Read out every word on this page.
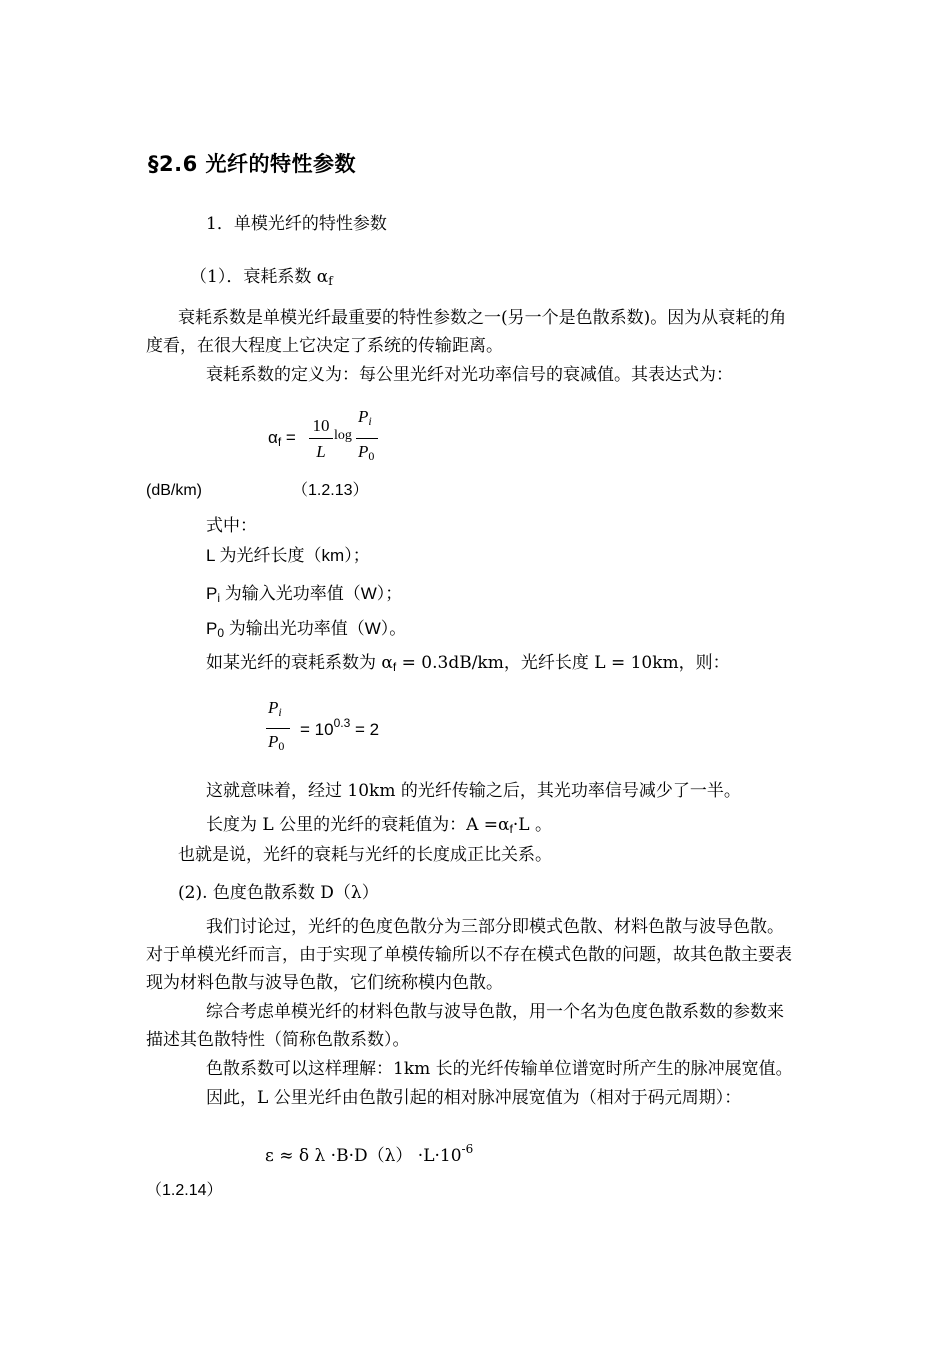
§2.6 光纤的特性参数
1．单模光纤的特性参数
（1）．衰耗系数 $\alpha_f$
衰耗系数是单模光纤最重要的特性参数之一(另一个是色散系数)。因为从衰耗的角
度看，在很大程度上它决定了系统的传输距离。
衰耗系数的定义为：每公里光纤对光功率信号的衰减值。其表达式为：
$\alpha_f$ =
10
L
log
$P_i$
$P_0$
(dB/km)	（1.2.13）
式中：
L 为光纤长度（km）；
$P_i$ 为输入光功率值（W）；
$P_0$ 为输出光功率值（W）。
如某光纤的衰耗系数为 $\alpha_f = 0.3dB/km$，光纤长度 L = 10km，则：
$P_i$
$P_0$
= $10^{0.3} = 2$
这就意味着，经过 10km 的光纤传输之后，其光功率信号减少了一半。
长度为 L 公里的光纤的衰耗值为：$A =\alpha_f\cdot L$ 。
也就是说，光纤的衰耗与光纤的长度成正比关系。
(2). 色度色散系数 D（λ）
我们讨论过，光纤的色度色散分为三部分即模式色散、材料色散与波导色散。
对于单模光纤而言，由于实现了单模传输所以不存在模式色散的问题，故其色散主要表
现为材料色散与波导色散，它们统称模内色散。
综合考虑单模光纤的材料色散与波导色散，用一个名为色度色散系数的参数来
描述其色散特性（简称色散系数）。
色散系数可以这样理解：1km 长的光纤传输单位谱宽时所产生的脉冲展宽值。
因此，L 公里光纤由色散引起的相对脉冲展宽值为（相对于码元周期）：
ε ≈ δ $\lambda \cdot B\cdot D(\lambda) \cdot L\cdot 10^{-6}$
（1.2.14）
